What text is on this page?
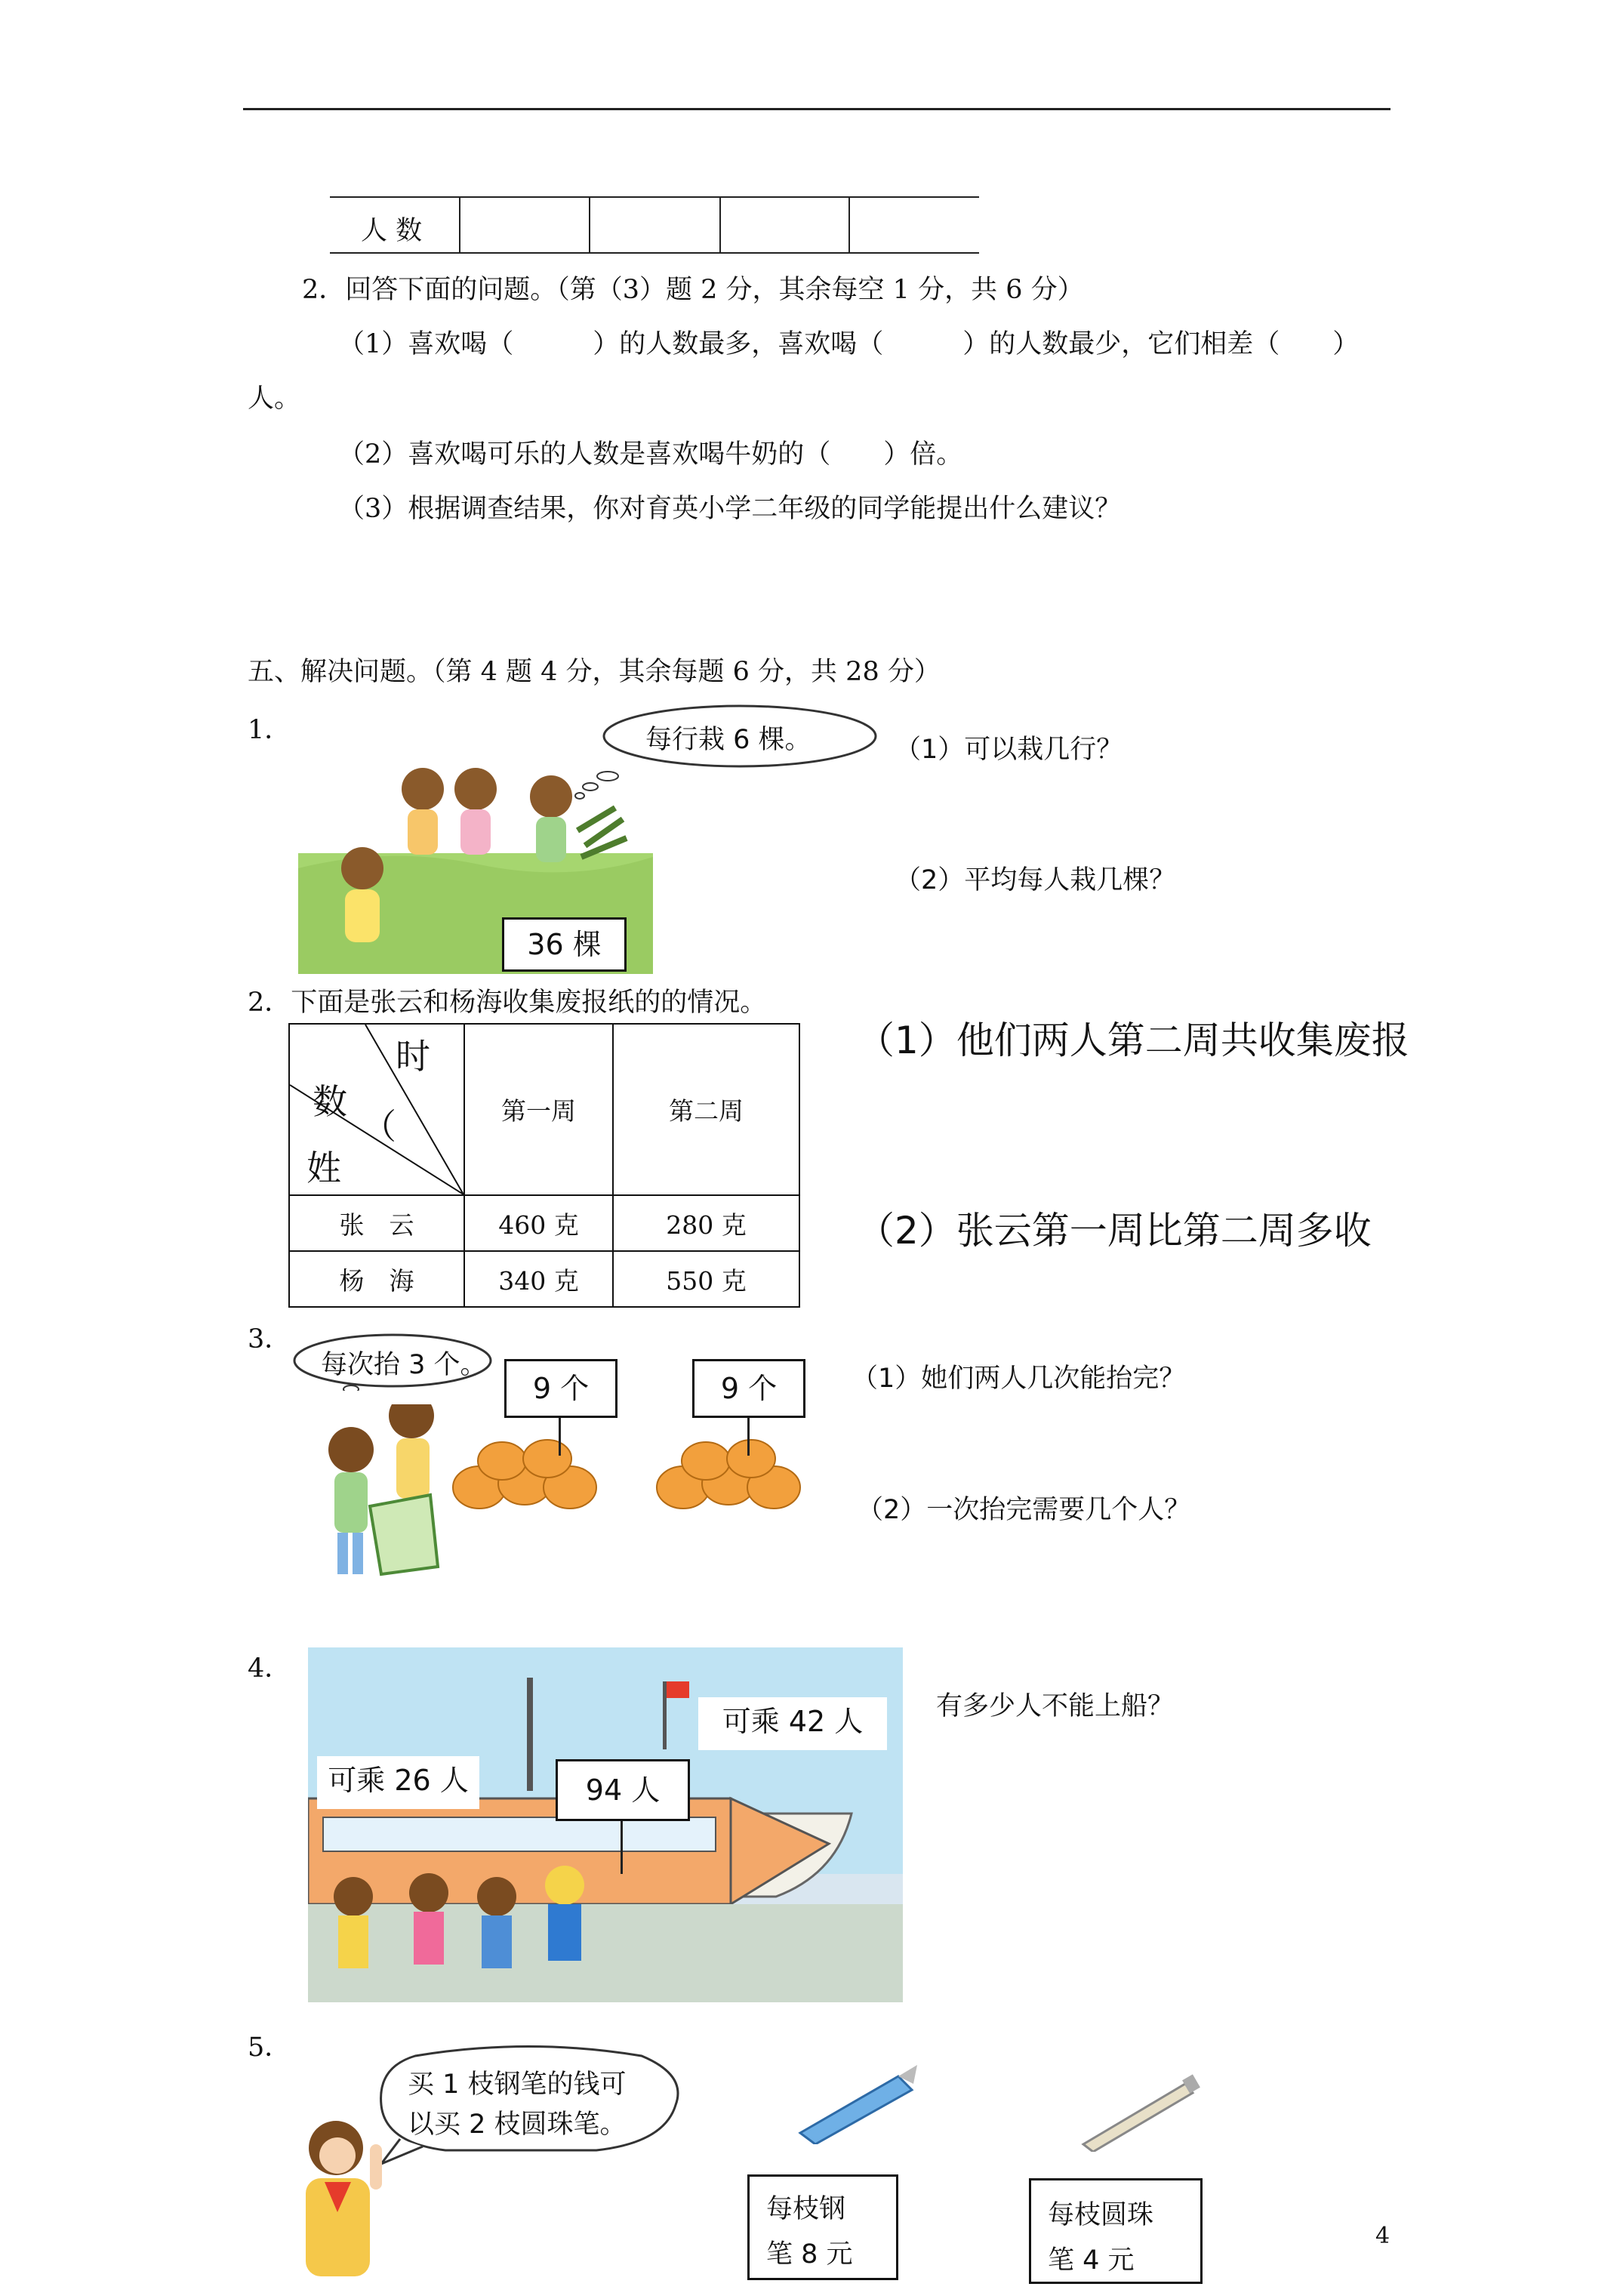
人 数
2．回答下面的问题。（第（3）题 2 分，其余每空 1 分，共 6 分）
（1）喜欢喝（　　　）的人数最多，喜欢喝（　　　）的人数最少，它们相差（　　）
人。
（2）喜欢喝可乐的人数是喜欢喝牛奶的（　　）倍。
（3）根据调查结果，你对育英小学二年级的同学能提出什么建议？
五、解决问题。（第 4 题 4 分，其余每题 6 分，共 28 分）
1．	每行栽 6 棵。
36 棵
（1）可以栽几行？
（2）平均每人栽几棵？
2．下面是张云和杨海收集废报纸的的情况。
时
数
（
姓	第一周	第二周
张　云	460 克	280 克
杨　海	340 克	550 克
（1）他们两人第二周共收集废报
（2）张云第一周比第二周多收
3．
每次抬 3 个。
9 个	9 个	（1）她们两人几次能抬完？
（2）一次抬完需要几个人？
4．
可乘 42 人
可乘 26 人	94 人
有多少人不能上船？
5．
买 1 枝钢笔的钱可
以买 2 枝圆珠笔。
每枝钢
笔 8 元
每枝圆珠
笔 4 元
4
